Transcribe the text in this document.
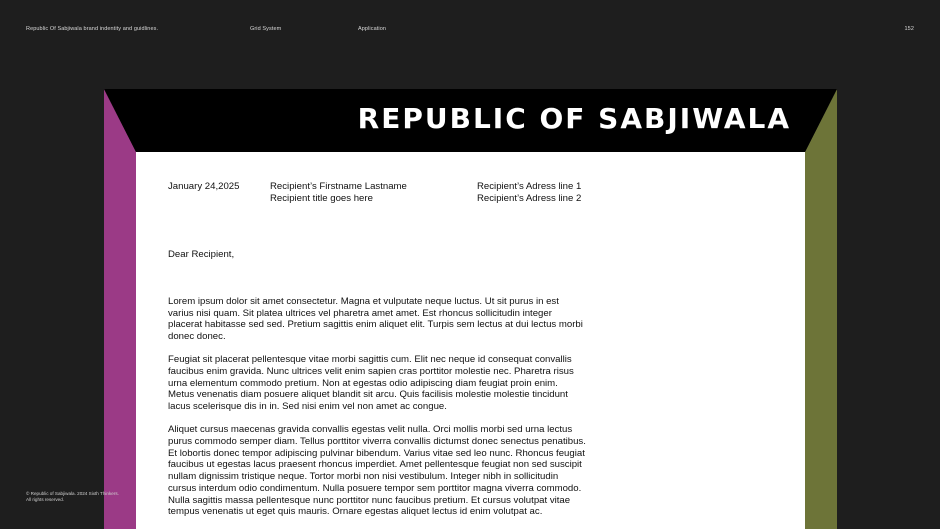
Republic Of Sabjiwala brand indentity and guidlines.	Grid System	Application	152
REPUBLIC OF SABJIWALA
January 24,2025	Recipient’s Firstname Lastname
Recipient title goes here
Recipient’s Adress line 1
Recipient’s Adress line 2
Dear Recipient,

Lorem ipsum dolor sit amet consectetur. Magna et vulputate neque luctus. Ut sit purus in est varius nisi quam. Sit platea ultrices vel pharetra amet amet. Est rhoncus sollicitudin integer placerat habitasse sed sed. Pretium sagittis enim aliquet elit. Turpis sem lectus at dui lectus morbi donec donec.

Feugiat sit placerat pellentesque vitae morbi sagittis cum. Elit nec neque id consequat convallis faucibus enim gravida. Nunc ultrices velit enim sapien cras porttitor molestie nec. Pharetra risus urna elementum commodo pretium. Non at egestas odio adipiscing diam feugiat proin enim. Metus venenatis diam posuere aliquet blandit sit arcu. Quis facilisis molestie molestie tincidunt lacus scelerisque dis in in. Sed nisi enim vel non amet ac congue.

Aliquet cursus maecenas gravida convallis egestas velit nulla. Orci mollis morbi sed urna lectus purus commodo semper diam. Tellus porttitor viverra convallis dictumst donec senectus penatibus. Et lobortis donec tempor adipiscing pulvinar bibendum. Varius vitae sed leo nunc. Rhoncus feugiat faucibus ut egestas lacus praesent rhoncus imperdiet. Amet pellentesque feugiat non sed suscipit nullam dignissim tristique neque. Tortor morbi non nisi vestibulum. Integer nibh in sollicitudin cursus interdum odio condimentum. Nulla posuere tempor sem porttitor magna viverra commodo. Nulla sagittis massa pellentesque nunc porttitor nunc faucibus pretium. Et cursus volutpat vitae tempus venenatis ut eget quis mauris. Ornare egestas aliquet lectus id enim volutpat ac.

© Republic of Sabjiwala. 2024 Sixth Thinkers.
All rights reserved.
